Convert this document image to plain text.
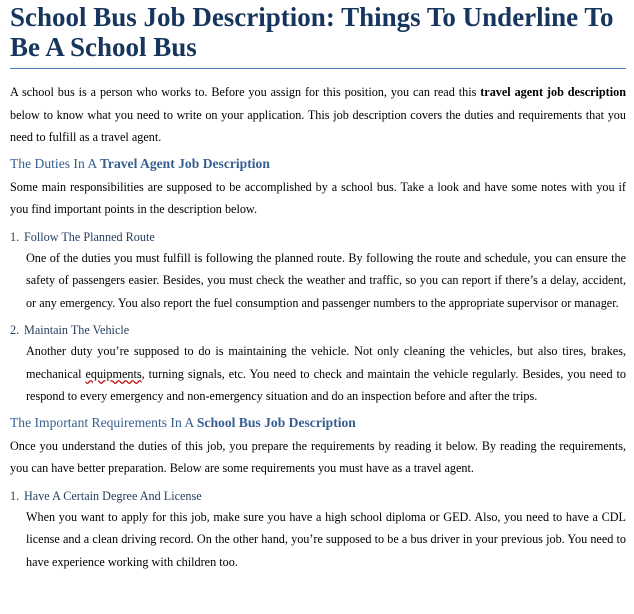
School Bus Job Description: Things To Underline To Be A School Bus

A school bus is a person who works to. Before you assign for this position, you can read this travel agent job description below to know what you need to write on your application. This job description covers the duties and requirements that you need to fulfill as a travel agent.

The Duties In A Travel Agent Job Description

Some main responsibilities are supposed to be accomplished by a school bus. Take a look and have some notes with you if you find important points in the description below.

1. Follow The Planned Route

One of the duties you must fulfill is following the planned route. By following the route and schedule, you can ensure the safety of passengers easier. Besides, you must check the weather and traffic, so you can report if there’s a delay, accident, or any emergency. You also report the fuel consumption and passenger numbers to the appropriate supervisor or manager.

2. Maintain The Vehicle

Another duty you’re supposed to do is maintaining the vehicle. Not only cleaning the vehicles, but also tires, brakes, mechanical equipments, turning signals, etc. You need to check and maintain the vehicle regularly. Besides, you need to respond to every emergency and non-emergency situation and do an inspection before and after the trips.

The Important Requirements In A School Bus Job Description

Once you understand the duties of this job, you prepare the requirements by reading it below. By reading the requirements, you can have better preparation. Below are some requirements you must have as a travel agent.

1. Have A Certain Degree And License

When you want to apply for this job, make sure you have a high school diploma or GED. Also, you need to have a CDL license and a clean driving record. On the other hand, you’re supposed to be a bus driver in your previous job. You need to have experience working with children too.
